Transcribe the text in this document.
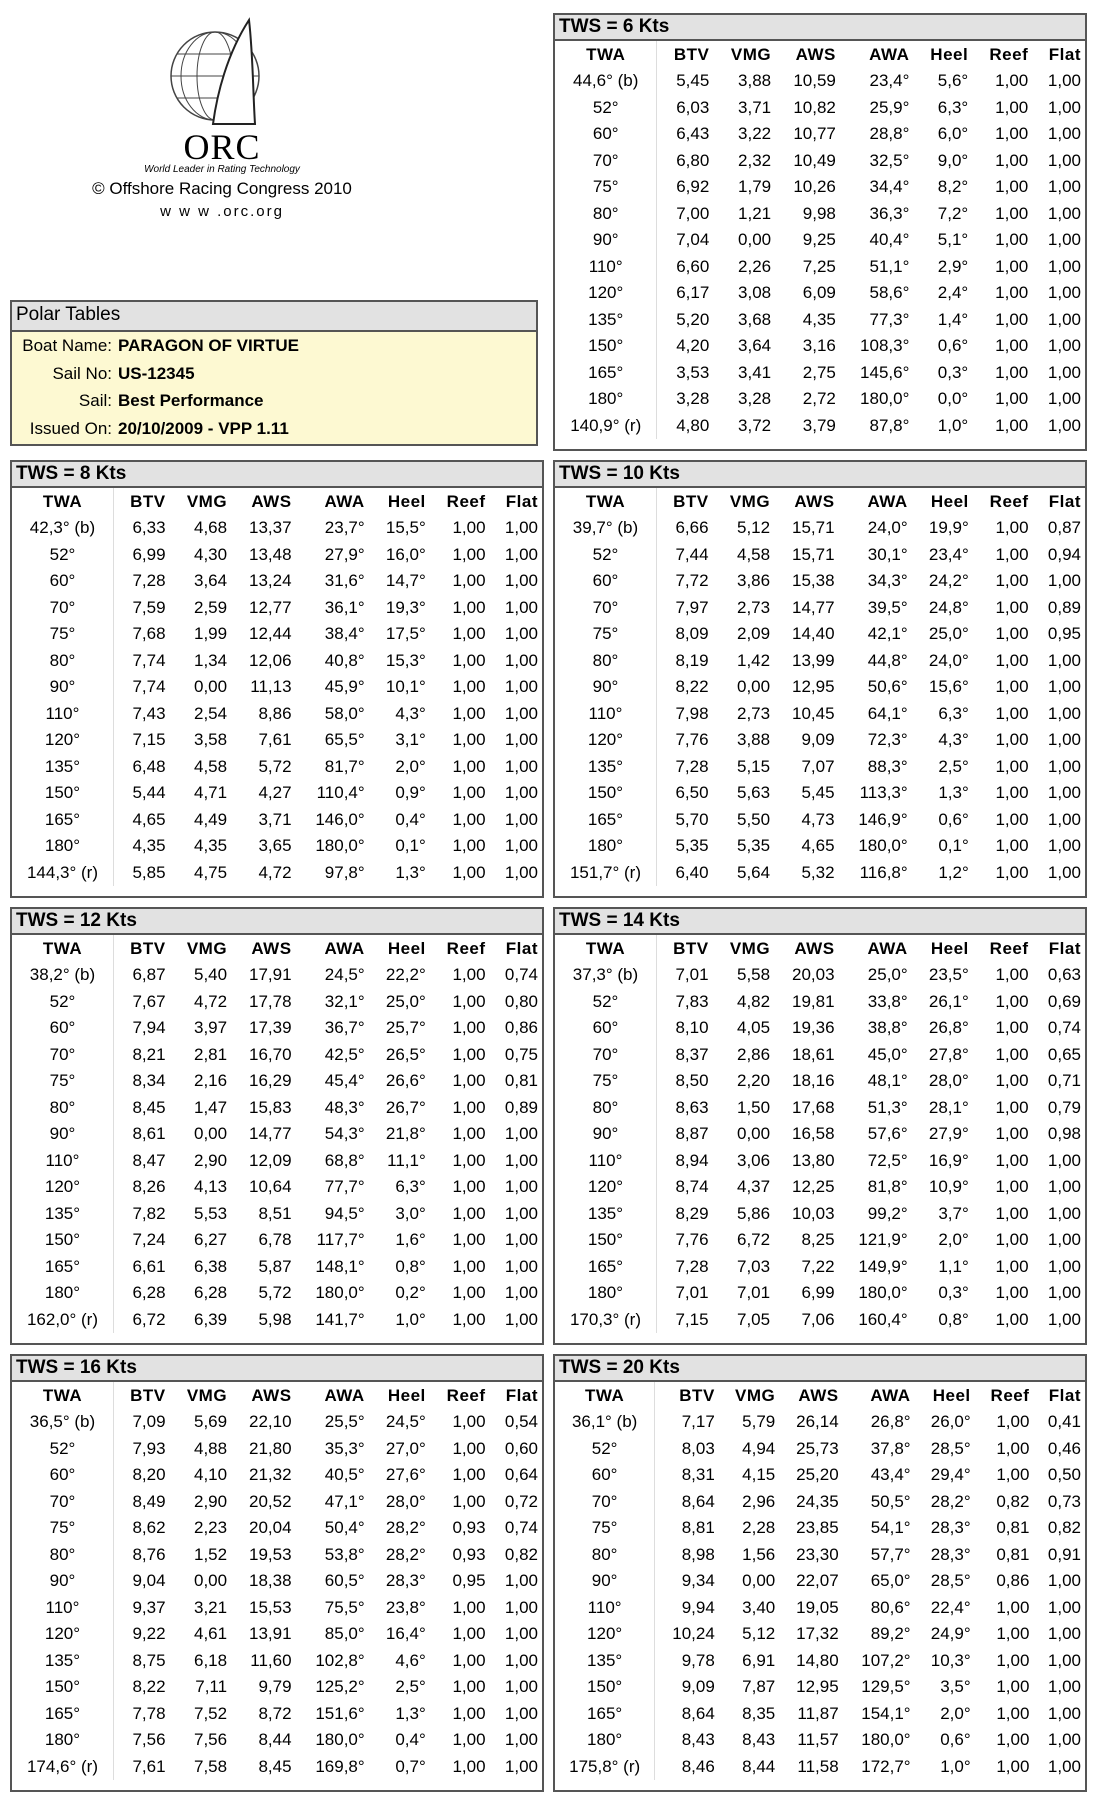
ORC
World Leader in Rating Technology
© Offshore Racing Congress 2010
w w w .orc.org
Polar Tables
Boat Name: PARAGON OF VIRTUE
Sail No: US-12345
Sail: Best Performance
Issued On: 20/10/2009 - VPP 1.11
TWS = 6 Kts
TWA	BTV	VMG	AWS	AWA	Heel	Reef	Flat
44,6° (b)	5,45	3,88	10,59	23,4°	5,6°	1,00	1,00
52°	6,03	3,71	10,82	25,9°	6,3°	1,00	1,00
60°	6,43	3,22	10,77	28,8°	6,0°	1,00	1,00
70°	6,80	2,32	10,49	32,5°	9,0°	1,00	1,00
75°	6,92	1,79	10,26	34,4°	8,2°	1,00	1,00
80°	7,00	1,21	9,98	36,3°	7,2°	1,00	1,00
90°	7,04	0,00	9,25	40,4°	5,1°	1,00	1,00
110°	6,60	2,26	7,25	51,1°	2,9°	1,00	1,00
120°	6,17	3,08	6,09	58,6°	2,4°	1,00	1,00
135°	5,20	3,68	4,35	77,3°	1,4°	1,00	1,00
150°	4,20	3,64	3,16	108,3°	0,6°	1,00	1,00
165°	3,53	3,41	2,75	145,6°	0,3°	1,00	1,00
180°	3,28	3,28	2,72	180,0°	0,0°	1,00	1,00
140,9° (r)	4,80	3,72	3,79	87,8°	1,0°	1,00	1,00
TWS = 8 Kts
TWA	BTV	VMG	AWS	AWA	Heel	Reef	Flat
42,3° (b)	6,33	4,68	13,37	23,7°	15,5°	1,00	1,00
52°	6,99	4,30	13,48	27,9°	16,0°	1,00	1,00
60°	7,28	3,64	13,24	31,6°	14,7°	1,00	1,00
70°	7,59	2,59	12,77	36,1°	19,3°	1,00	1,00
75°	7,68	1,99	12,44	38,4°	17,5°	1,00	1,00
80°	7,74	1,34	12,06	40,8°	15,3°	1,00	1,00
90°	7,74	0,00	11,13	45,9°	10,1°	1,00	1,00
110°	7,43	2,54	8,86	58,0°	4,3°	1,00	1,00
120°	7,15	3,58	7,61	65,5°	3,1°	1,00	1,00
135°	6,48	4,58	5,72	81,7°	2,0°	1,00	1,00
150°	5,44	4,71	4,27	110,4°	0,9°	1,00	1,00
165°	4,65	4,49	3,71	146,0°	0,4°	1,00	1,00
180°	4,35	4,35	3,65	180,0°	0,1°	1,00	1,00
144,3° (r)	5,85	4,75	4,72	97,8°	1,3°	1,00	1,00
TWS = 10 Kts
TWA	BTV	VMG	AWS	AWA	Heel	Reef	Flat
39,7° (b)	6,66	5,12	15,71	24,0°	19,9°	1,00	0,87
52°	7,44	4,58	15,71	30,1°	23,4°	1,00	0,94
60°	7,72	3,86	15,38	34,3°	24,2°	1,00	1,00
70°	7,97	2,73	14,77	39,5°	24,8°	1,00	0,89
75°	8,09	2,09	14,40	42,1°	25,0°	1,00	0,95
80°	8,19	1,42	13,99	44,8°	24,0°	1,00	1,00
90°	8,22	0,00	12,95	50,6°	15,6°	1,00	1,00
110°	7,98	2,73	10,45	64,1°	6,3°	1,00	1,00
120°	7,76	3,88	9,09	72,3°	4,3°	1,00	1,00
135°	7,28	5,15	7,07	88,3°	2,5°	1,00	1,00
150°	6,50	5,63	5,45	113,3°	1,3°	1,00	1,00
165°	5,70	5,50	4,73	146,9°	0,6°	1,00	1,00
180°	5,35	5,35	4,65	180,0°	0,1°	1,00	1,00
151,7° (r)	6,40	5,64	5,32	116,8°	1,2°	1,00	1,00
TWS = 12 Kts
TWA	BTV	VMG	AWS	AWA	Heel	Reef	Flat
38,2° (b)	6,87	5,40	17,91	24,5°	22,2°	1,00	0,74
52°	7,67	4,72	17,78	32,1°	25,0°	1,00	0,80
60°	7,94	3,97	17,39	36,7°	25,7°	1,00	0,86
70°	8,21	2,81	16,70	42,5°	26,5°	1,00	0,75
75°	8,34	2,16	16,29	45,4°	26,6°	1,00	0,81
80°	8,45	1,47	15,83	48,3°	26,7°	1,00	0,89
90°	8,61	0,00	14,77	54,3°	21,8°	1,00	1,00
110°	8,47	2,90	12,09	68,8°	11,1°	1,00	1,00
120°	8,26	4,13	10,64	77,7°	6,3°	1,00	1,00
135°	7,82	5,53	8,51	94,5°	3,0°	1,00	1,00
150°	7,24	6,27	6,78	117,7°	1,6°	1,00	1,00
165°	6,61	6,38	5,87	148,1°	0,8°	1,00	1,00
180°	6,28	6,28	5,72	180,0°	0,2°	1,00	1,00
162,0° (r)	6,72	6,39	5,98	141,7°	1,0°	1,00	1,00
TWS = 14 Kts
TWA	BTV	VMG	AWS	AWA	Heel	Reef	Flat
37,3° (b)	7,01	5,58	20,03	25,0°	23,5°	1,00	0,63
52°	7,83	4,82	19,81	33,8°	26,1°	1,00	0,69
60°	8,10	4,05	19,36	38,8°	26,8°	1,00	0,74
70°	8,37	2,86	18,61	45,0°	27,8°	1,00	0,65
75°	8,50	2,20	18,16	48,1°	28,0°	1,00	0,71
80°	8,63	1,50	17,68	51,3°	28,1°	1,00	0,79
90°	8,87	0,00	16,58	57,6°	27,9°	1,00	0,98
110°	8,94	3,06	13,80	72,5°	16,9°	1,00	1,00
120°	8,74	4,37	12,25	81,8°	10,9°	1,00	1,00
135°	8,29	5,86	10,03	99,2°	3,7°	1,00	1,00
150°	7,76	6,72	8,25	121,9°	2,0°	1,00	1,00
165°	7,28	7,03	7,22	149,9°	1,1°	1,00	1,00
180°	7,01	7,01	6,99	180,0°	0,3°	1,00	1,00
170,3° (r)	7,15	7,05	7,06	160,4°	0,8°	1,00	1,00
TWS = 16 Kts
TWA	BTV	VMG	AWS	AWA	Heel	Reef	Flat
36,5° (b)	7,09	5,69	22,10	25,5°	24,5°	1,00	0,54
52°	7,93	4,88	21,80	35,3°	27,0°	1,00	0,60
60°	8,20	4,10	21,32	40,5°	27,6°	1,00	0,64
70°	8,49	2,90	20,52	47,1°	28,0°	1,00	0,72
75°	8,62	2,23	20,04	50,4°	28,2°	0,93	0,74
80°	8,76	1,52	19,53	53,8°	28,2°	0,93	0,82
90°	9,04	0,00	18,38	60,5°	28,3°	0,95	1,00
110°	9,37	3,21	15,53	75,5°	23,8°	1,00	1,00
120°	9,22	4,61	13,91	85,0°	16,4°	1,00	1,00
135°	8,75	6,18	11,60	102,8°	4,6°	1,00	1,00
150°	8,22	7,11	9,79	125,2°	2,5°	1,00	1,00
165°	7,78	7,52	8,72	151,6°	1,3°	1,00	1,00
180°	7,56	7,56	8,44	180,0°	0,4°	1,00	1,00
174,6° (r)	7,61	7,58	8,45	169,8°	0,7°	1,00	1,00
TWS = 20 Kts
TWA	BTV	VMG	AWS	AWA	Heel	Reef	Flat
36,1° (b)	7,17	5,79	26,14	26,8°	26,0°	1,00	0,41
52°	8,03	4,94	25,73	37,8°	28,5°	1,00	0,46
60°	8,31	4,15	25,20	43,4°	29,4°	1,00	0,50
70°	8,64	2,96	24,35	50,5°	28,2°	0,82	0,73
75°	8,81	2,28	23,85	54,1°	28,3°	0,81	0,82
80°	8,98	1,56	23,30	57,7°	28,3°	0,81	0,91
90°	9,34	0,00	22,07	65,0°	28,5°	0,86	1,00
110°	9,94	3,40	19,05	80,6°	22,4°	1,00	1,00
120°	10,24	5,12	17,32	89,2°	24,9°	1,00	1,00
135°	9,78	6,91	14,80	107,2°	10,3°	1,00	1,00
150°	9,09	7,87	12,95	129,5°	3,5°	1,00	1,00
165°	8,64	8,35	11,87	154,1°	2,0°	1,00	1,00
180°	8,43	8,43	11,57	180,0°	0,6°	1,00	1,00
175,8° (r)	8,46	8,44	11,58	172,7°	1,0°	1,00	1,00
